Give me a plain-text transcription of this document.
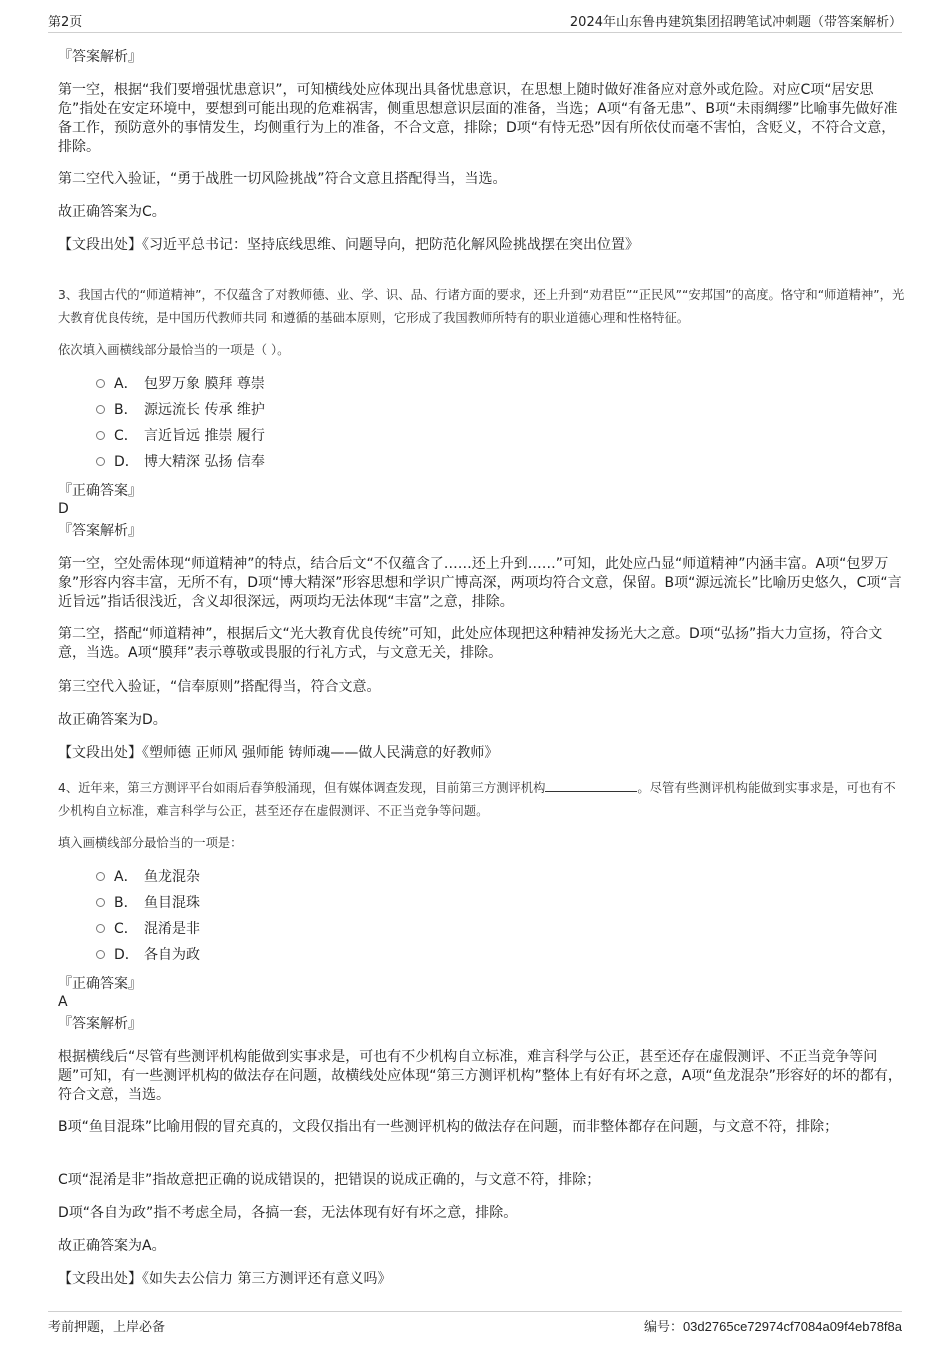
第2页	2024年山东鲁冉建筑集团招聘笔试冲刺题（带答案解析）
『答案解析』
第一空，根据“我们要增强忧患意识”，可知横线处应体现出具备忧患意识，在思想上随时做好准备应对意外或危险。对应C项“居安思危”指处在安定环境中，要想到可能出现的危难祸害，侧重思想意识层面的准备，当选；A项“有备无患”、B项“未雨绸缪”比喻事先做好准备工作，预防意外的事情发生，均侧重行为上的准备，不合文意，排除；D项“有恃无恐”因有所依仗而毫不害怕，含贬义，不符合文意，排除。
第二空代入验证，“勇于战胜一切风险挑战”符合文意且搭配得当，当选。
故正确答案为C。
【文段出处】《习近平总书记：坚持底线思维、问题导向，把防范化解风险挑战摆在突出位置》
3、我国古代的“师道精神”，不仅蕴含了对教师德、业、学、识、品、行诸方面的要求，还上升到“劝君臣”“正民风”“安邦国”的高度。恪守和“师道精神”，光大教育优良传统，是中国历代教师共同 和遵循的基础本原则，它形成了我国教师所特有的职业道德心理和性格特征。
依次填入画横线部分最恰当的一项是（ ）。
A． 包罗万象 膜拜 尊崇
B． 源远流长 传承 维护
C． 言近旨远 推崇 履行
D． 博大精深 弘扬 信奉
『正确答案』
D
『答案解析』
第一空，空处需体现“师道精神”的特点，结合后文“不仅蕴含了……还上升到……”可知，此处应凸显“师道精神”内涵丰富。A项“包罗万象”形容内容丰富，无所不有，D项“博大精深”形容思想和学识广博高深，两项均符合文意，保留。B项“源远流长”比喻历史悠久，C项“言近旨远”指话很浅近，含义却很深远，两项均无法体现“丰富”之意，排除。
第二空，搭配“师道精神”，根据后文“光大教育优良传统”可知，此处应体现把这种精神发扬光大之意。D项“弘扬”指大力宣扬，符合文意，当选。A项“膜拜”表示尊敬或畏服的行礼方式，与文意无关，排除。
第三空代入验证，“信奉原则”搭配得当，符合文意。
故正确答案为D。
【文段出处】《塑师德 正师风 强师能 铸师魂——做人民满意的好教师》
4、近年来，第三方测评平台如雨后春笋般涌现，但有媒体调查发现，目前第三方测评机构	。尽管有些测评机构能做到实事求是，可也有不少机构自立标准，难言科学与公正，甚至还存在虚假测评、不正当竞争等问题。
填入画横线部分最恰当的一项是：
A． 鱼龙混杂
B． 鱼目混珠
C． 混淆是非
D． 各自为政
『正确答案』
A
『答案解析』
根据横线后“尽管有些测评机构能做到实事求是，可也有不少机构自立标准，难言科学与公正，甚至还存在虚假测评、不正当竞争等问题”可知，有一些测评机构的做法存在问题，故横线处应体现“第三方测评机构”整体上有好有坏之意，A项“鱼龙混杂”形容好的坏的都有，符合文意，当选。
B项“鱼目混珠”比喻用假的冒充真的，文段仅指出有一些测评机构的做法存在问题，而非整体都存在问题，与文意不符，排除；
C项“混淆是非”指故意把正确的说成错误的，把错误的说成正确的，与文意不符，排除；
D项“各自为政”指不考虑全局，各搞一套，无法体现有好有坏之意，排除。
故正确答案为A。
【文段出处】《如失去公信力 第三方测评还有意义吗》
考前押题，上岸必备	编号：03d2765ce72974cf7084a09f4eb78f8a
